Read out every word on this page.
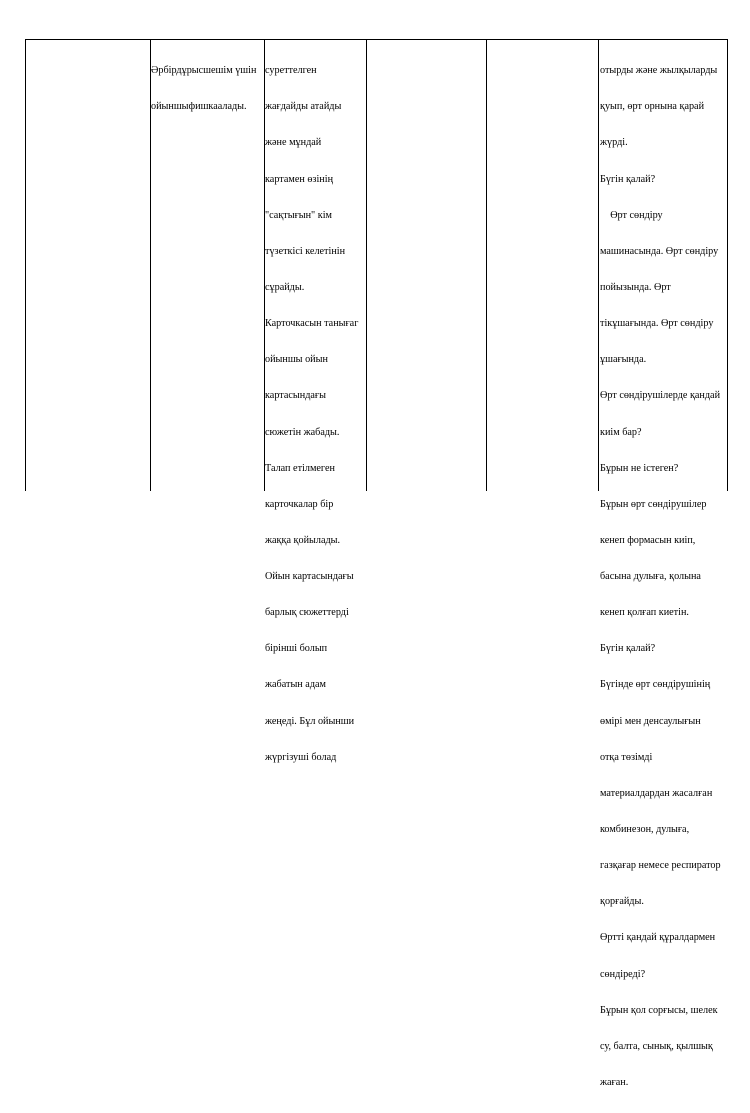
Әрбірдұрысшешім үшін

ойыншыфишкаалады.

суреттелген

жағдайды атайды

және мұндай

картамен өзінің

"сақтығын" кім

түзеткісі келетінін

сұрайды.

Карточкасын танығаг

ойыншы ойын

картасындағы

сюжетін жабады.

Талап етілмеген

карточкалар бір

жаққа қойылады.

Ойын картасындағы

барлық сюжеттерді

бірінші болып

жабатын адам

жеңеді. Бұл ойынши

жүргізуші болад

отырды және жылқыларды

қуып, өрт орнына қарай

жүрді.

Бүгін қалай?

Өрт сөндіру

машинасында. Өрт сөндіру

пойызында. Өрт

тікұшағында. Өрт сөндіру

ұшағында.

Өрт сөндірушілерде қандай

киім бар?

Бұрын не істеген?

Бұрын өрт сөндірушілер

кенеп формасын киіп,

басына дулыға, қолына

кенеп қолғап киетін.

Бүгін қалай?

Бүгінде өрт сөндірушінің

өмірі мен денсаулығын

отқа төзімді

материалдардан жасалған

комбинезон, дулыға,

газқағар немесе респиратор

қорғайды.

Өртті қандай құралдармен

сөндіреді?

Бұрын қол сорғысы, шелек

су, балта, сынық, қылшық

жаған.
